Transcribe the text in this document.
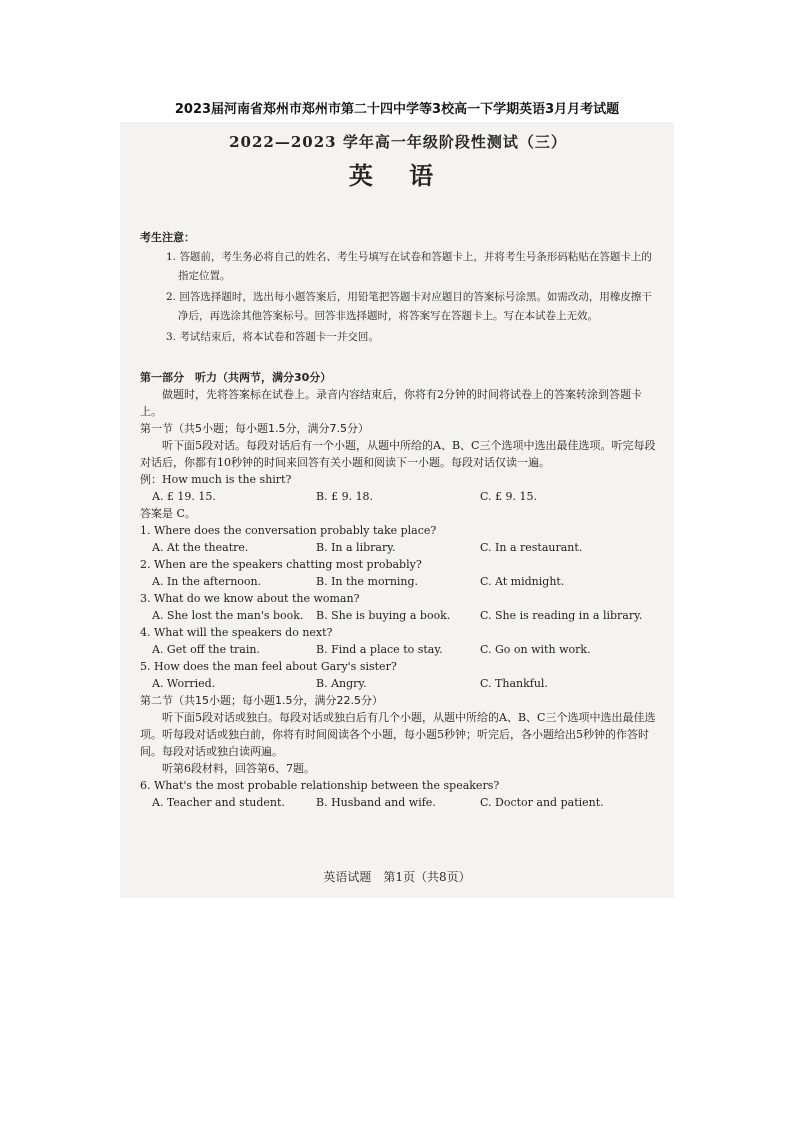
2023届河南省郑州市郑州市第二十四中学等3校高一下学期英语3月月考试题
2022—2023 学年高一年级阶段性测试（三）
英 语
考生注意：
1. 答题前，考生务必将自己的姓名、考生号填写在试卷和答题卡上，并将考生号条形码粘贴在答题卡上的指定位置。
2. 回答选择题时，选出每小题答案后，用铅笔把答题卡对应题目的答案标号涂黑。如需改动，用橡皮擦干净后，再选涂其他答案标号。回答非选择题时，将答案写在答题卡上。写在本试卷上无效。
3. 考试结束后，将本试卷和答题卡一并交回。
第一部分　听力（共两节，满分30分）
做题时，先将答案标在试卷上。录音内容结束后，你将有2分钟的时间将试卷上的答案转涂到答题卡上。
第一节（共5小题；每小题1.5分，满分7.5分）
听下面5段对话。每段对话后有一个小题，从题中所给的A、B、C三个选项中选出最佳选项。听完每段对话后，你都有10秒钟的时间来回答有关小题和阅读下一小题。每段对话仅读一遍。
例：How much is the shirt?
A. £ 19. 15.	B. £ 9. 18.	C. £ 9. 15.
答案是 C。
1. Where does the conversation probably take place?
A. At the theatre.	B. In a library.	C. In a restaurant.
2. When are the speakers chatting most probably?
A. In the afternoon.	B. In the morning.	C. At midnight.
3. What do we know about the woman?
A. She lost the man's book.	B. She is buying a book.	C. She is reading in a library.
4. What will the speakers do next?
A. Get off the train.	B. Find a place to stay.	C. Go on with work.
5. How does the man feel about Gary's sister?
A. Worried.	B. Angry.	C. Thankful.
第二节（共15小题；每小题1.5分，满分22.5分）
听下面5段对话或独白。每段对话或独白后有几个小题，从题中所给的A、B、C三个选项中选出最佳选项。听每段对话或独白前，你将有时间阅读各个小题，每小题5秒钟；听完后，各小题给出5秒钟的作答时间。每段对话或独白读两遍。
听第6段材料，回答第6、7题。
6. What's the most probable relationship between the speakers?
A. Teacher and student.	B. Husband and wife.	C. Doctor and patient.
英语试题　第1页（共8页）
